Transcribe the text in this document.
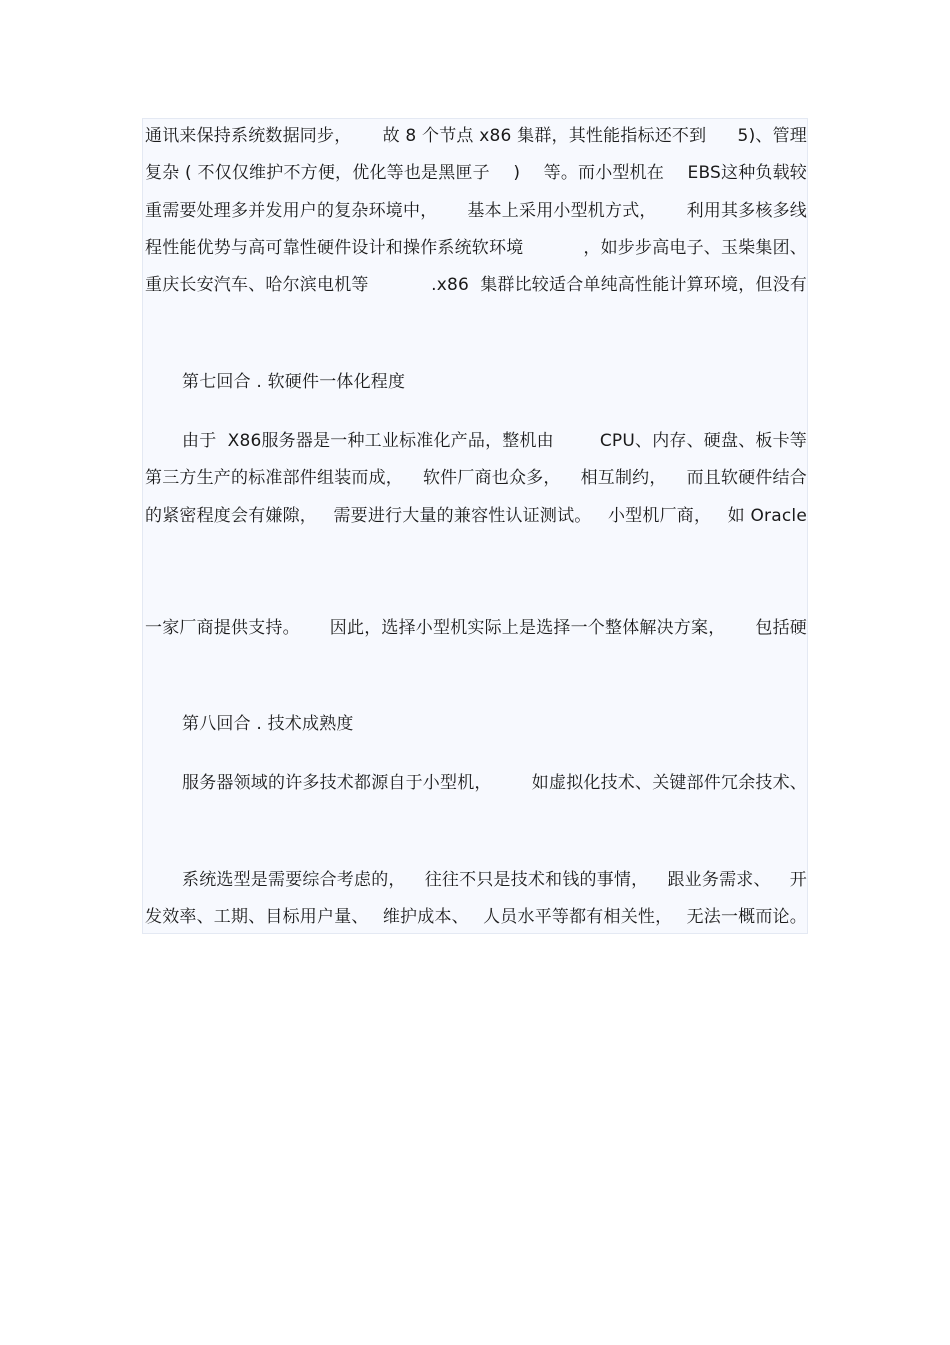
通讯来保持系统数据同步， 故 8 个节点 x86 集群，其性能指标还不到 5)、管理
复杂 ( 不仅仅维护不方便，优化等也是黑匣子 ) 等。而小型机在 EBS这种负载较
重需要处理多并发用户的复杂环境中， 基本上采用小型机方式， 利用其多核多线
程性能优势与高可靠性硬件设计和操作系统软环境	，如步步高电子、玉柴集团、
重庆长安汽车、哈尔滨电机等	.x86  集群比较适合单纯高性能计算环境，但没有

第七回合 . 软硬件一体化程度
由于  X86服务器是一种工业标准化产品，整机由	CPU、内存、硬盘、板卡等
第三方生产的标准部件组装而成， 软件厂商也众多， 相互制约， 而且软硬件结合
的紧密程度会有嫌隙， 需要进行大量的兼容性认证测试。 小型机厂商， 如 Oracle

一家厂商提供支持。 因此，选择小型机实际上是选择一个整体解决方案， 包括硬

第八回合 . 技术成熟度
服务器领域的许多技术都源自于小型机， 如虚拟化技术、关键部件冗余技术、

系统选型是需要综合考虑的， 往往不只是技术和钱的事情， 跟业务需求、 开
发效率、工期、目标用户量、 维护成本、 人员水平等都有相关性， 无法一概而论。
